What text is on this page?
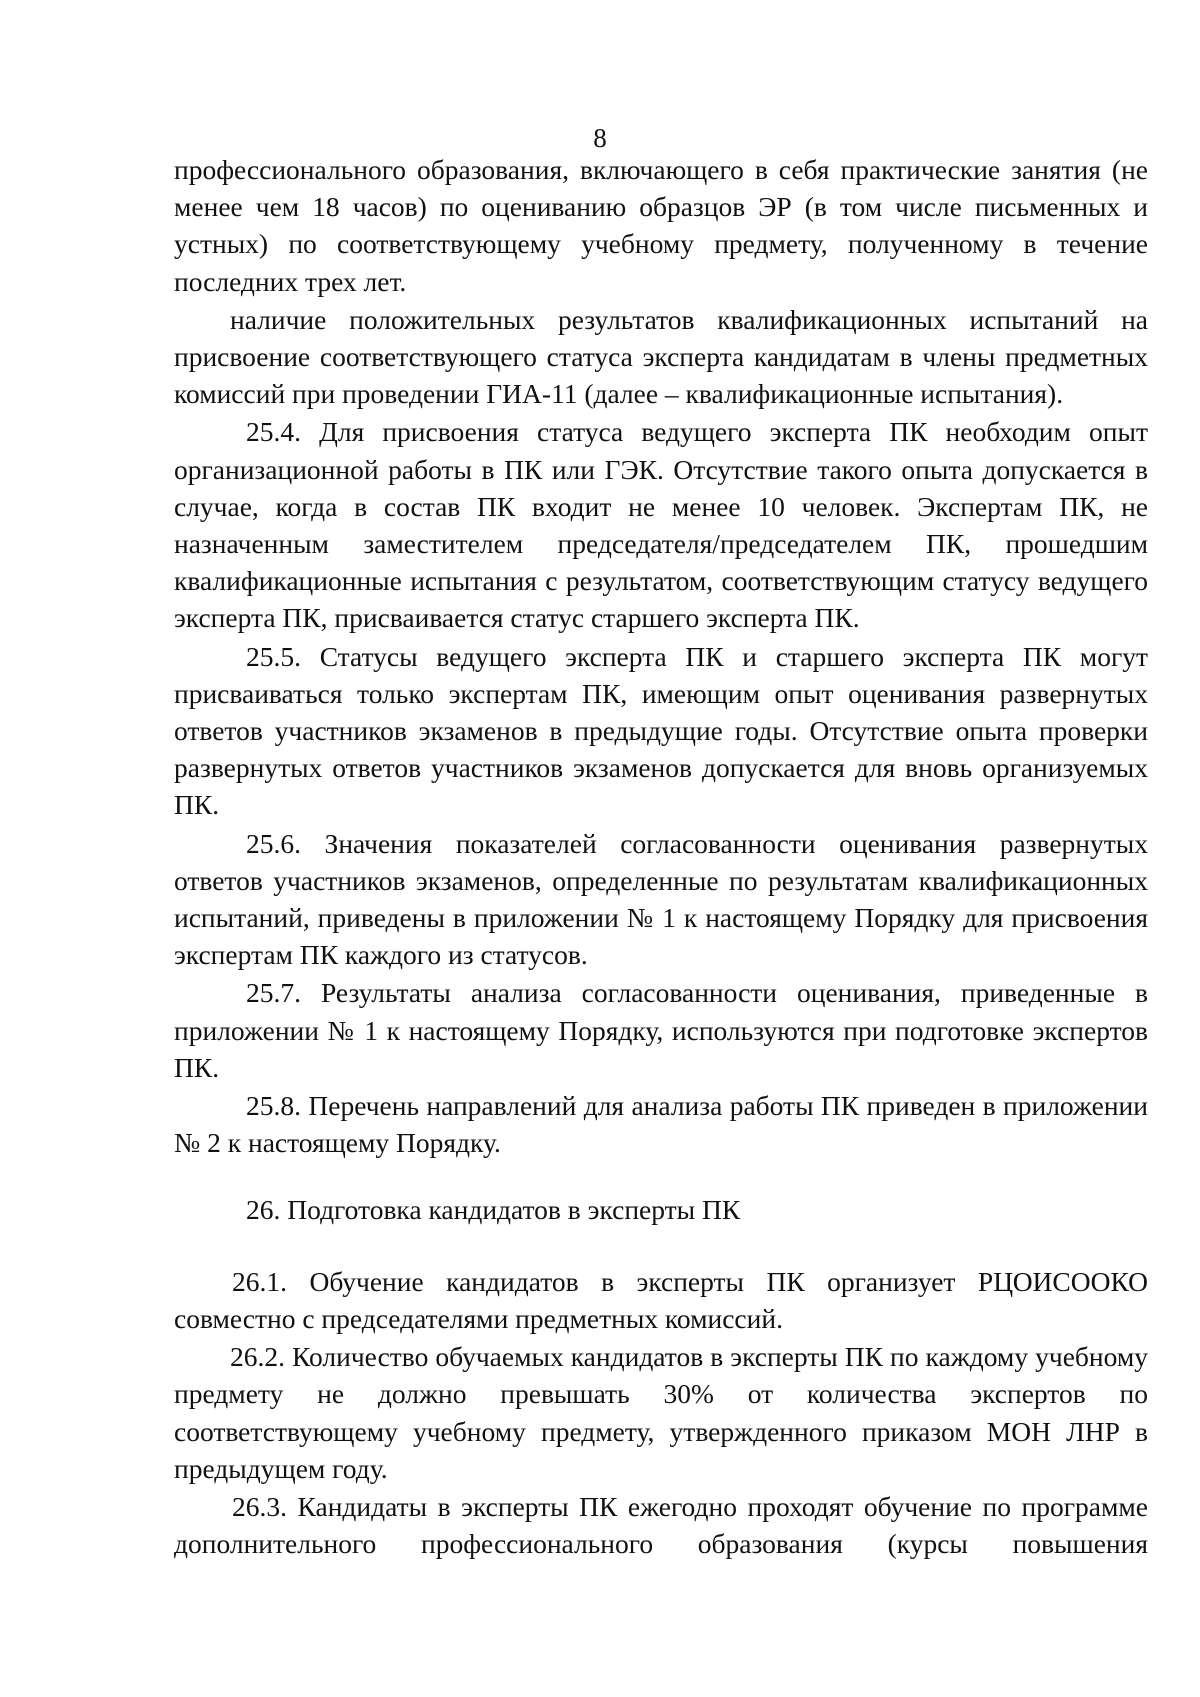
8

профессионального образования, включающего в себя практические занятия (не менее чем 18 часов) по оцениванию образцов ЭР (в том числе письменных и устных) по соответствующему учебному предмету, полученному в течение последних трех лет.

наличие положительных результатов квалификационных испытаний на присвоение соответствующего статуса эксперта кандидатам в члены предметных комиссий при проведении ГИА-11 (далее – квалификационные испытания).

25.4. Для присвоения статуса ведущего эксперта ПК необходим опыт организационной работы в ПК или ГЭК. Отсутствие такого опыта допускается в случае, когда в состав ПК входит не менее 10 человек. Экспертам ПК, не назначенным заместителем председателя/председателем ПК, прошедшим квалификационные испытания с результатом, соответствующим статусу ведущего эксперта ПК, присваивается статус старшего эксперта ПК.

25.5. Статусы ведущего эксперта ПК и старшего эксперта ПК могут присваиваться только экспертам ПК, имеющим опыт оценивания развернутых ответов участников экзаменов в предыдущие годы. Отсутствие опыта проверки развернутых ответов участников экзаменов допускается для вновь организуемых ПК.

25.6. Значения показателей согласованности оценивания развернутых ответов участников экзаменов, определенные по результатам квалификационных испытаний, приведены в приложении № 1 к настоящему Порядку для присвоения экспертам ПК каждого из статусов.

25.7. Результаты анализа согласованности оценивания, приведенные в приложении № 1 к настоящему Порядку, используются при подготовке экспертов ПК.

25.8. Перечень направлений для анализа работы ПК приведен в приложении № 2 к настоящему Порядку.

26. Подготовка кандидатов в эксперты ПК

26.1. Обучение кандидатов в эксперты ПК организует РЦОИСООКО совместно с председателями предметных комиссий.

26.2. Количество обучаемых кандидатов в эксперты ПК по каждому учебному предмету не должно превышать 30% от количества экспертов по соответствующему учебному предмету, утвержденного приказом МОН ЛНР в предыдущем году.

26.3. Кандидаты в эксперты ПК ежегодно проходят обучение по программе дополнительного профессионального образования (курсы повышения
